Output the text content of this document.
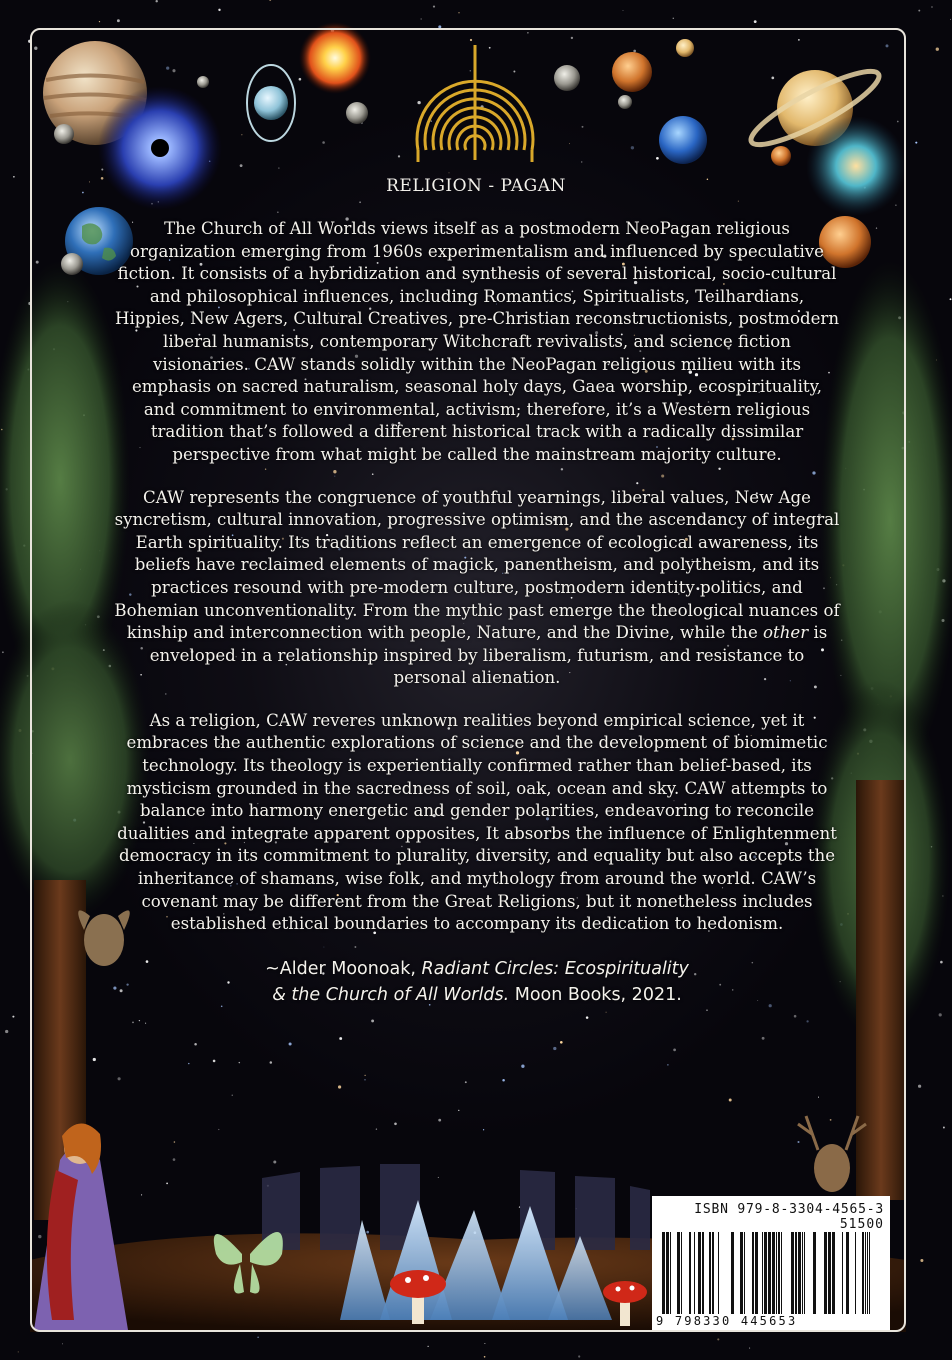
RELIGION - PAGAN

The Church of All Worlds views itself as a postmodern NeoPagan religious organization emerging from 1960s experimentalism and influenced by speculative fiction. It consists of a hybridization and synthesis of several historical, socio-cultural and philosophical influences, including Romantics, Spiritualists, Teilhardians, Hippies, New Agers, Cultural Creatives, pre-Christian reconstructionists, postmodern liberal humanists, contemporary Witchcraft revivalists, and science fiction visionaries. CAW stands solidly within the NeoPagan religious milieu with its emphasis on sacred naturalism, seasonal holy days, Gaea worship, ecospirituality, and commitment to environmental, activism; therefore, it’s a Western religious tradition that’s followed a different historical track with a radically dissimilar perspective from what might be called the mainstream majority culture.

CAW represents the congruence of youthful yearnings, liberal values, New Age syncretism, cultural innovation, progressive optimism, and the ascendancy of integral Earth spirituality. Its traditions reflect an emergence of ecological awareness, its beliefs have reclaimed elements of magick, panentheism, and polytheism, and its practices resound with pre-modern culture, postmodern identity politics, and Bohemian unconventionality. From the mythic past emerge the theological nuances of kinship and interconnection with people, Nature, and the Divine, while the other is enveloped in a relationship inspired by liberalism, futurism, and resistance to personal alienation.

As a religion, CAW reveres unknown realities beyond empirical science, yet it embraces the authentic explorations of science and the development of biomimetic technology. Its theology is experientially confirmed rather than belief-based, its mysticism grounded in the sacredness of soil, oak, ocean and sky. CAW attempts to balance into harmony energetic and gender polarities, endeavoring to reconcile dualities and integrate apparent opposites, It absorbs the influence of Enlightenment democracy in its commitment to plurality, diversity, and equality but also accepts the inheritance of shamans, wise folk, and mythology from around the world. CAW’s covenant may be different from the Great Religions, but it nonetheless includes established ethical boundaries to accompany its dedication to hedonism.

~Alder Moonoak, Radiant Circles: Ecospirituality
& the Church of All Worlds. Moon Books, 2021.
ISBN 979-8-3304-4565-3
51500
9 798330 445653
